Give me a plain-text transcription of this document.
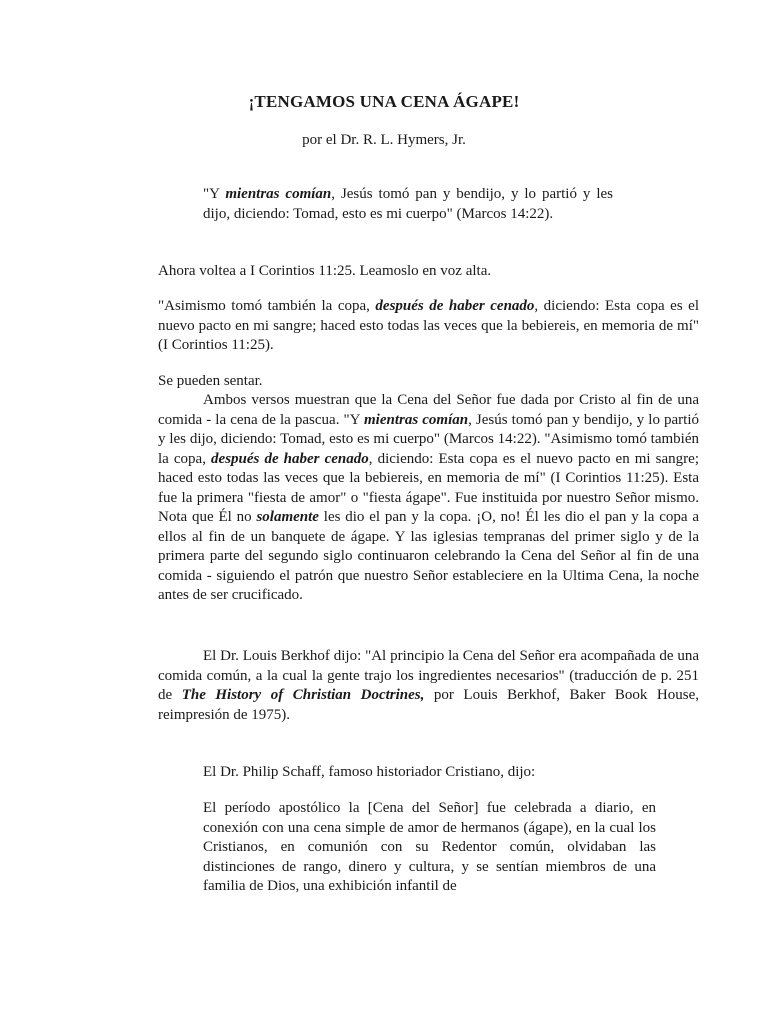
¡TENGAMOS UNA CENA ÁGAPE!
por el Dr. R. L. Hymers, Jr.
"Y mientras comían, Jesús tomó pan y bendijo, y lo partió y les dijo, diciendo: Tomad, esto es mi cuerpo" (Marcos 14:22).
Ahora voltea a I Corintios 11:25. Leamoslo en voz alta.
"Asimismo tomó también la copa, después de haber cenado, diciendo: Esta copa es el nuevo pacto en mi sangre; haced esto todas las veces que la bebiereis, en memoria de mí" (I Corintios 11:25).
Se pueden sentar.
Ambos versos muestran que la Cena del Señor fue dada por Cristo al fin de una comida - la cena de la pascua. "Y mientras comían, Jesús tomó pan y bendijo, y lo partió y les dijo, diciendo: Tomad, esto es mi cuerpo" (Marcos 14:22). "Asimismo tomó también la copa, después de haber cenado, diciendo: Esta copa es el nuevo pacto en mi sangre; haced esto todas las veces que la bebiereis, en memoria de mí" (I Corintios 11:25). Esta fue la primera "fiesta de amor" o "fiesta ágape". Fue instituida por nuestro Señor mismo. Nota que Él no solamente les dio el pan y la copa. ¡O, no! Él les dio el pan y la copa a ellos al fin de un banquete de ágape. Y las iglesias tempranas del primer siglo y de la primera parte del segundo siglo continuaron celebrando la Cena del Señor al fin de una comida - siguiendo el patrón que nuestro Señor estableciere en la Ultima Cena, la noche antes de ser crucificado.
El Dr. Louis Berkhof dijo: "Al principio la Cena del Señor era acompañada de una comida común, a la cual la gente trajo los ingredientes necesarios" (traducción de p. 251 de The History of Christian Doctrines, por Louis Berkhof, Baker Book House, reimpresión de 1975).
El Dr. Philip Schaff, famoso historiador Cristiano, dijo:
El período apostólico la [Cena del Señor] fue celebrada a diario, en conexión con una cena simple de amor de hermanos (ágape), en la cual los Cristianos, en comunión con su Redentor común, olvidaban las distinciones de rango, dinero y cultura, y se sentían miembros de una familia de Dios, una exhibición infantil de
